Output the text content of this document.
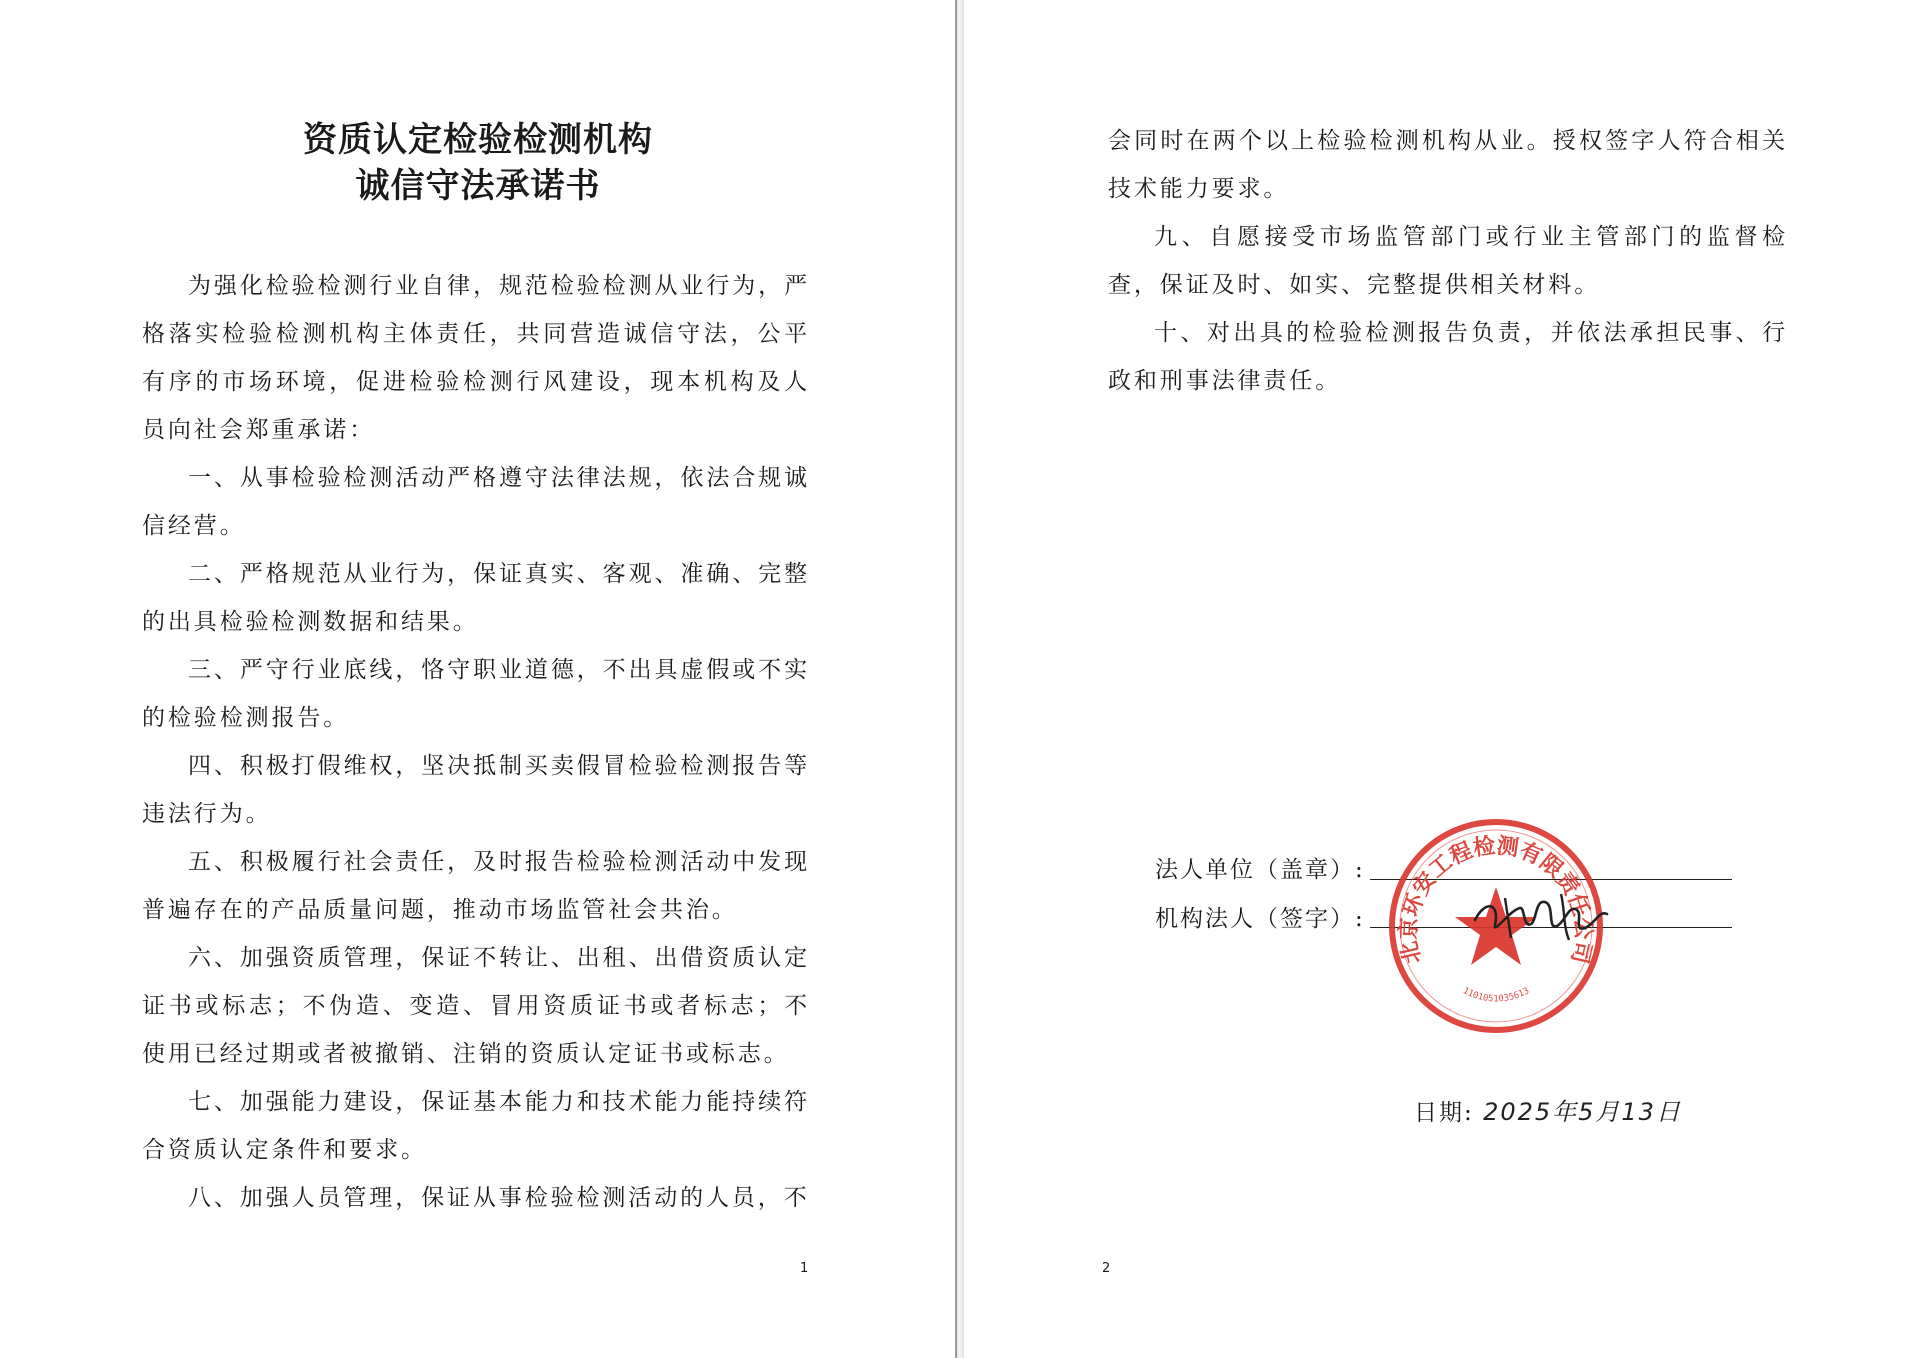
资质认定检验检测机构
诚信守法承诺书

为强化检验检测行业自律，规范检验检测从业行为，严格落实检验检测机构主体责任，共同营造诚信守法，公平有序的市场环境，促进检验检测行风建设，现本机构及人员向社会郑重承诺：

一、从事检验检测活动严格遵守法律法规，依法合规诚信经营。

二、严格规范从业行为，保证真实、客观、准确、完整的出具检验检测数据和结果。

三、严守行业底线，恪守职业道德，不出具虚假或不实的检验检测报告。

四、积极打假维权，坚决抵制买卖假冒检验检测报告等违法行为。

五、积极履行社会责任，及时报告检验检测活动中发现普遍存在的产品质量问题，推动市场监管社会共治。

六、加强资质管理，保证不转让、出租、出借资质认定证书或标志；不伪造、变造、冒用资质证书或者标志；不使用已经过期或者被撤销、注销的资质认定证书或标志。

七、加强能力建设，保证基本能力和技术能力能持续符合资质认定条件和要求。

八、加强人员管理，保证从事检验检测活动的人员，不

1

会同时在两个以上检验检测机构从业。授权签字人符合相关技术能力要求。

九、自愿接受市场监管部门或行业主管部门的监督检查，保证及时、如实、完整提供相关材料。

十、对出具的检验检测报告负责，并依法承担民事、行政和刑事法律责任。

法人单位（盖章）:
机构法人（签字）:
北京环安工程检测有限责任公司
1101051035613
日期: 2025年5月13日
2
